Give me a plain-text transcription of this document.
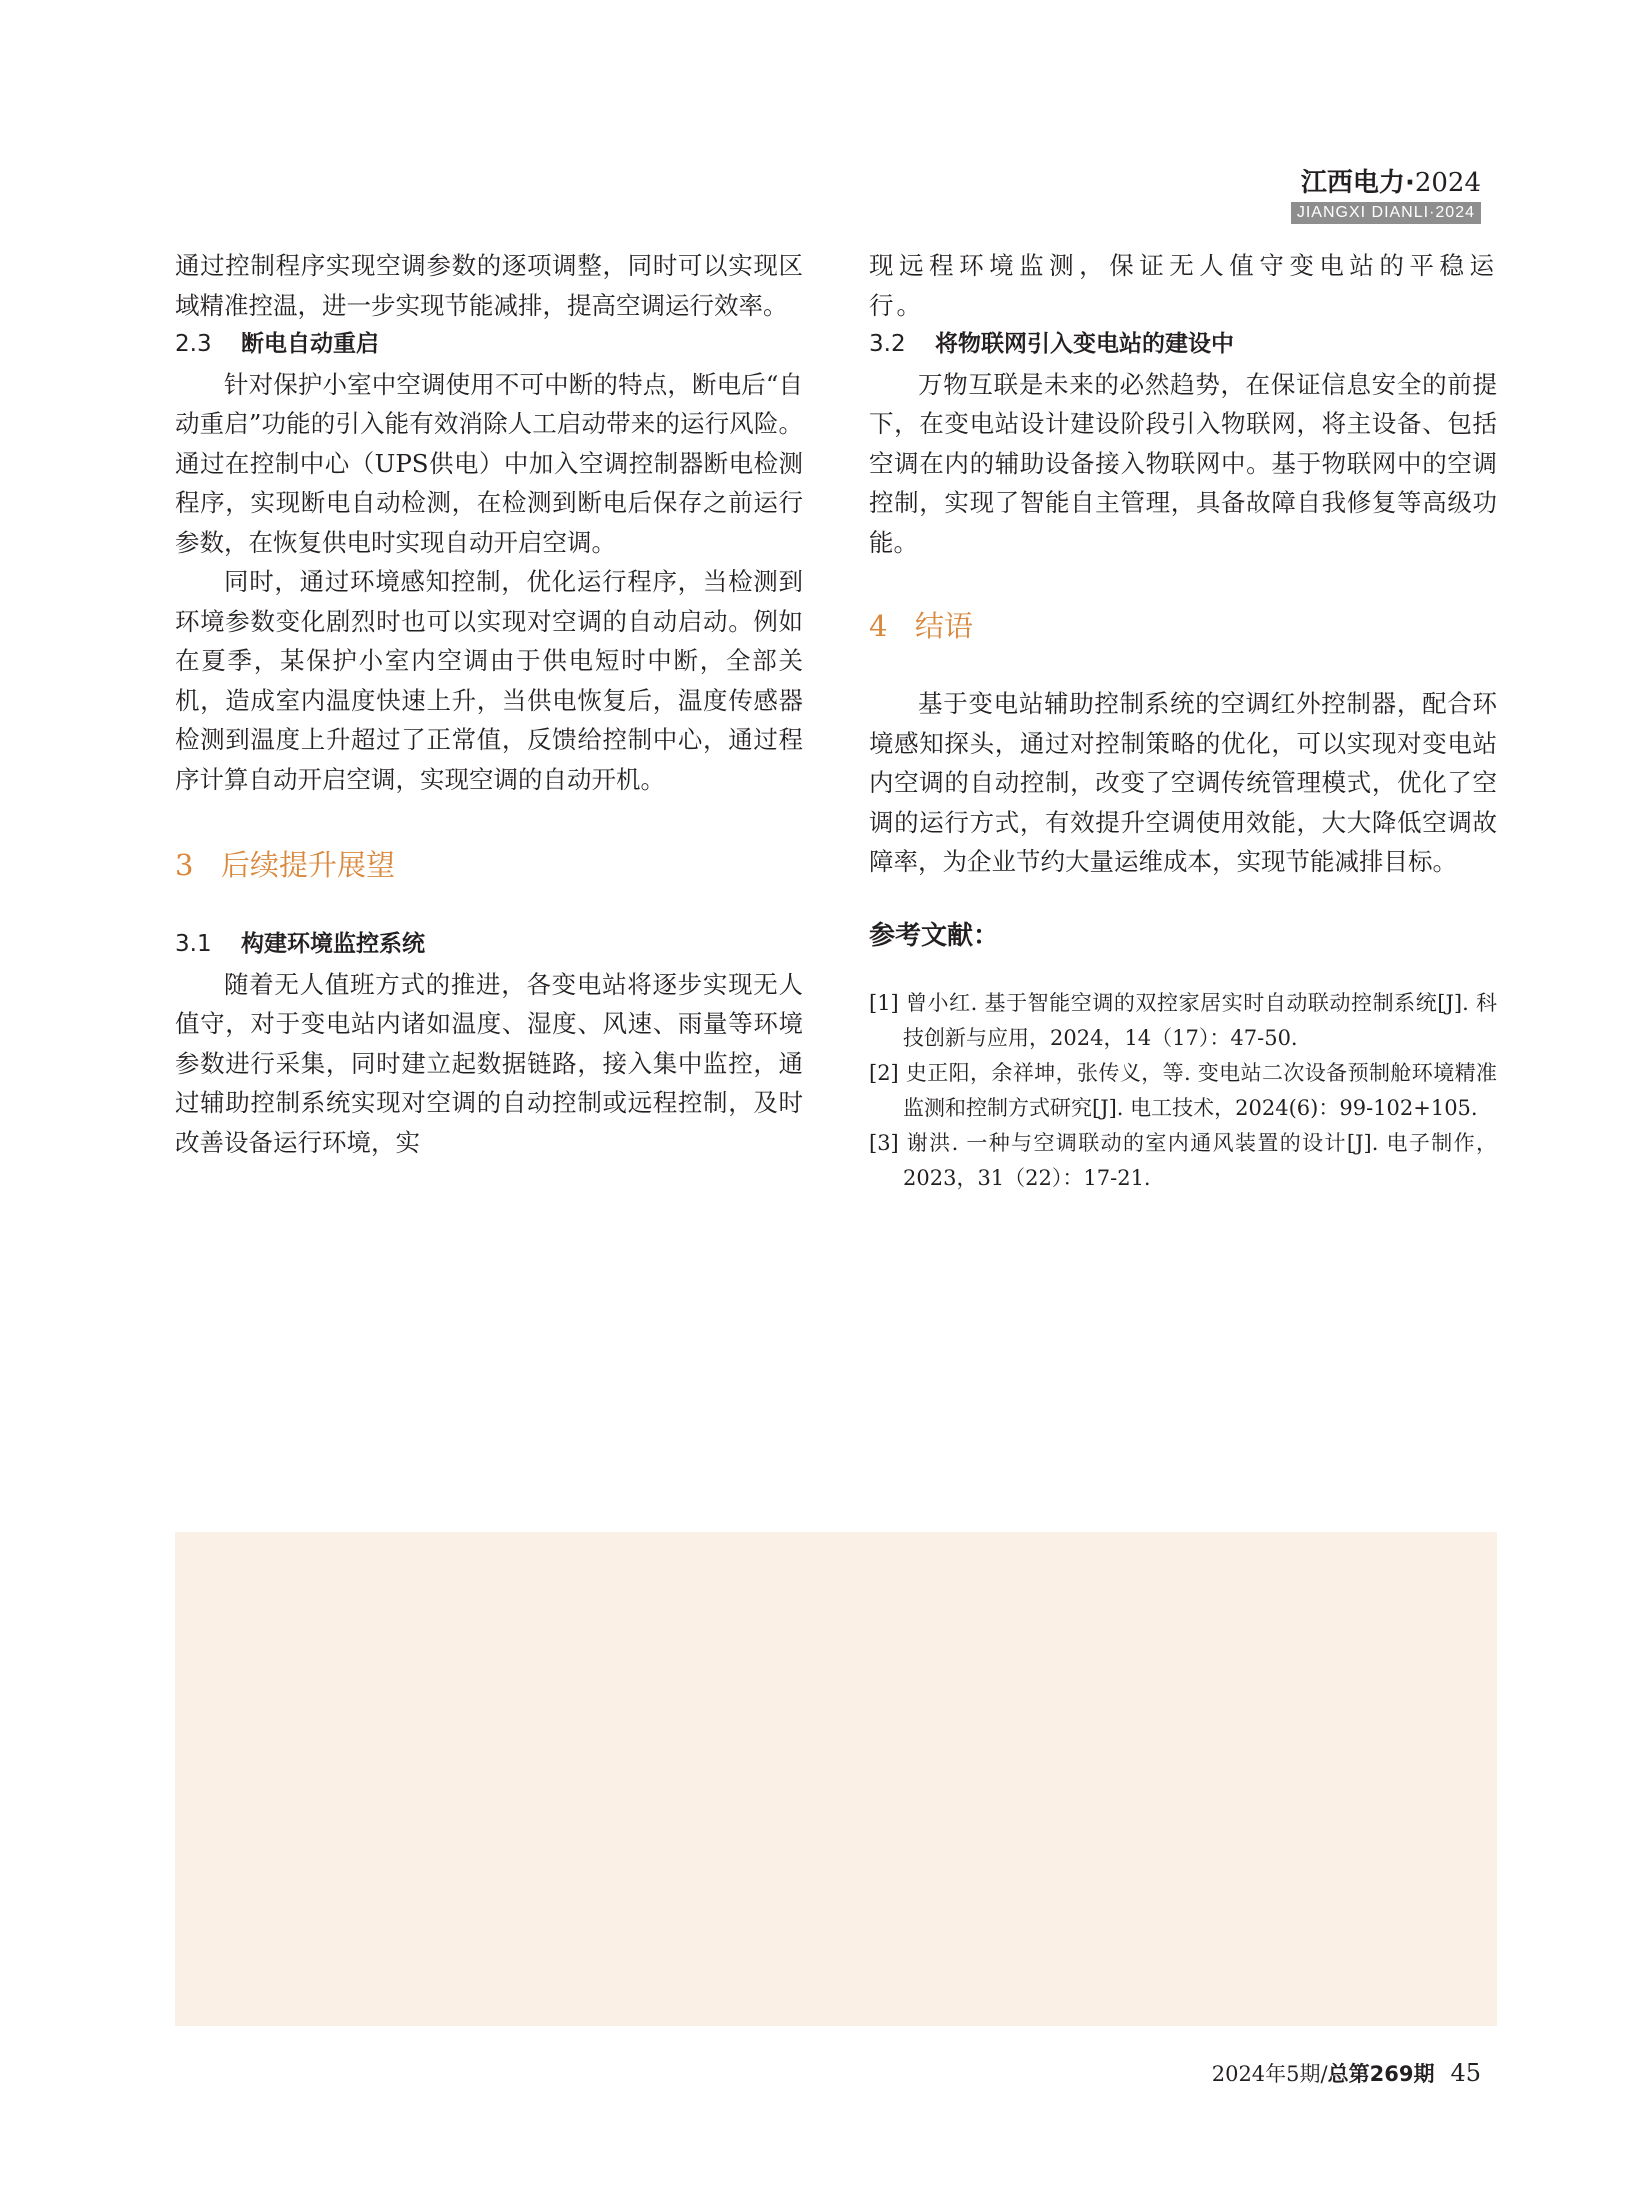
江西电力·2024
JIANGXI DIANLI·2024

通过控制程序实现空调参数的逐项调整，同时可以实现区域精准控温，进一步实现节能减排，提高空调运行效率。

2.3 断电自动重启

针对保护小室中空调使用不可中断的特点，断电后“自动重启”功能的引入能有效消除人工启动带来的运行风险。通过在控制中心（UPS供电）中加入空调控制器断电检测程序，实现断电自动检测，在检测到断电后保存之前运行参数，在恢复供电时实现自动开启空调。

同时，通过环境感知控制，优化运行程序，当检测到环境参数变化剧烈时也可以实现对空调的自动启动。例如在夏季，某保护小室内空调由于供电短时中断，全部关机，造成室内温度快速上升，当供电恢复后，温度传感器检测到温度上升超过了正常值，反馈给控制中心，通过程序计算自动开启空调，实现空调的自动开机。

3 后续提升展望
3.1 构建环境监控系统

随着无人值班方式的推进，各变电站将逐步实现无人值守，对于变电站内诸如温度、湿度、风速、雨量等环境参数进行采集，同时建立起数据链路，接入集中监控，通过辅助控制系统实现对空调的自动控制或远程控制，及时改善设备运行环境，实

现远程环境监测，保证无人值守变电站的平稳运行。

3.2 将物联网引入变电站的建设中

万物互联是未来的必然趋势，在保证信息安全的前提下，在变电站设计建设阶段引入物联网，将主设备、包括空调在内的辅助设备接入物联网中。基于物联网中的空调控制，实现了智能自主管理，具备故障自我修复等高级功能。

4 结语

基于变电站辅助控制系统的空调红外控制器，配合环境感知探头，通过对控制策略的优化，可以实现对变电站内空调的自动控制，改变了空调传统管理模式，优化了空调的运行方式，有效提升空调使用效能，大大降低空调故障率，为企业节约大量运维成本，实现节能减排目标。

参考文献：

[1] 曾小红. 基于智能空调的双控家居实时自动联动控制系统[J]. 科技创新与应用，2024，14（17）：47-50.

[2] 史正阳，余祥坤，张传义，等. 变电站二次设备预制舱环境精准监测和控制方式研究[J]. 电工技术，2024(6)：99-102+105.

[3] 谢洪. 一种与空调联动的室内通风装置的设计[J]. 电子制作，2023，31（22）：17-21.

2024年5期/总第269期 45
